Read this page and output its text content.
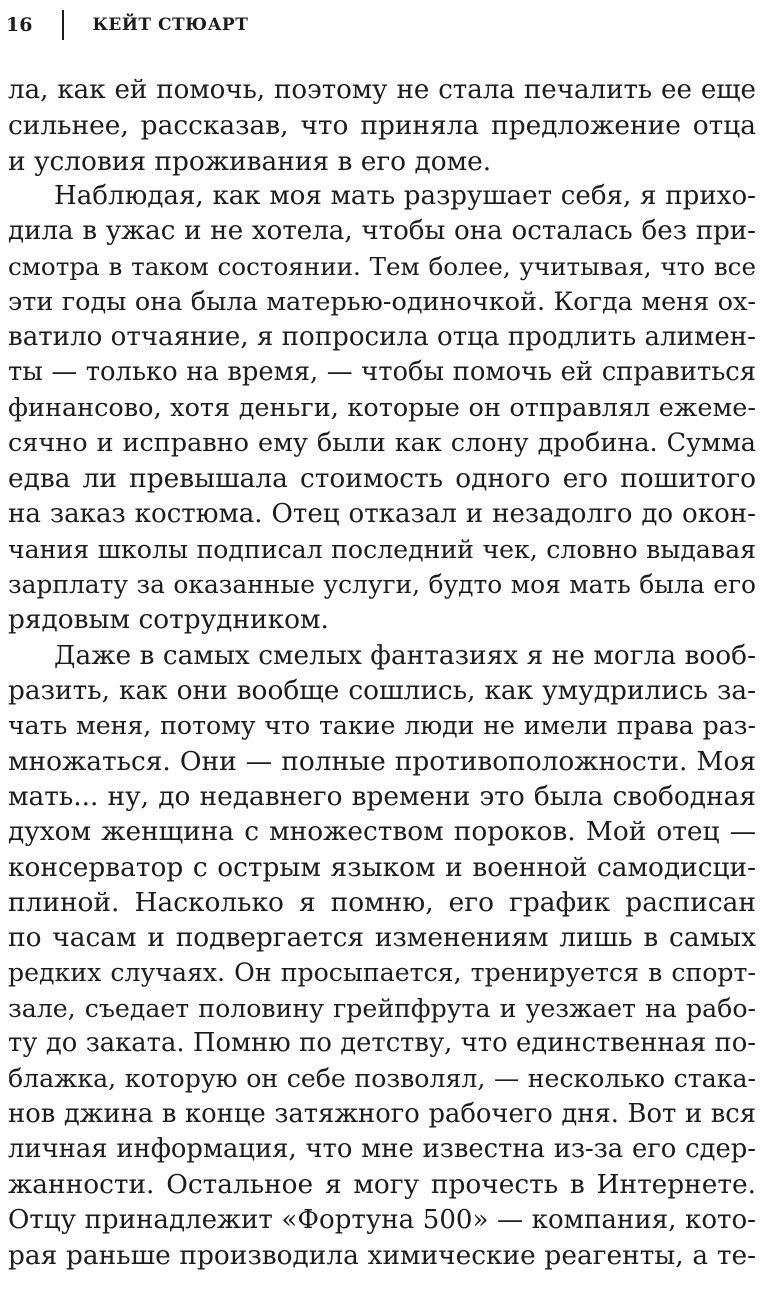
16	КЕЙТ СТЮАРТ
ла, как ей помочь, поэтому не стала печалить ее еще
сильнее, рассказав, что приняла предложение отца
и условия проживания в его доме.
Наблюдая, как моя мать разрушает себя, я прихо-
дила в ужас и не хотела, чтобы она осталась без при-
смотра в таком состоянии. Тем более, учитывая, что все
эти годы она была матерью-одиночкой. Когда меня ох-
ватило отчаяние, я попросила отца продлить алимен-
ты — только на время, — чтобы помочь ей справиться
финансово, хотя деньги, которые он отправлял ежеме-
сячно и исправно ему были как слону дробина. Сумма
едва ли превышала стоимость одного его пошитого
на заказ костюма. Отец отказал и незадолго до окон-
чания школы подписал последний чек, словно выдавая
зарплату за оказанные услуги, будто моя мать была его
рядовым сотрудником.
Даже в самых смелых фантазиях я не могла вооб-
разить, как они вообще сошлись, как умудрились за-
чать меня, потому что такие люди не имели права раз-
множаться. Они — полные противоположности. Моя
мать... ну, до недавнего времени это была свободная
духом женщина с множеством пороков. Мой отец —
консерватор с острым языком и военной самодисци-
плиной. Насколько я помню, его график расписан
по часам и подвергается изменениям лишь в самых
редких случаях. Он просыпается, тренируется в спорт-
зале, съедает половину грейпфрута и уезжает на рабо-
ту до заката. Помню по детству, что единственная по-
блажка, которую он себе позволял, — несколько стака-
нов джина в конце затяжного рабочего дня. Вот и вся
личная информация, что мне известна из-за его сдер-
жанности. Остальное я могу прочесть в Интернете.
Отцу принадлежит «Фортуна 500» — компания, кото-
рая раньше производила химические реагенты, а те-
